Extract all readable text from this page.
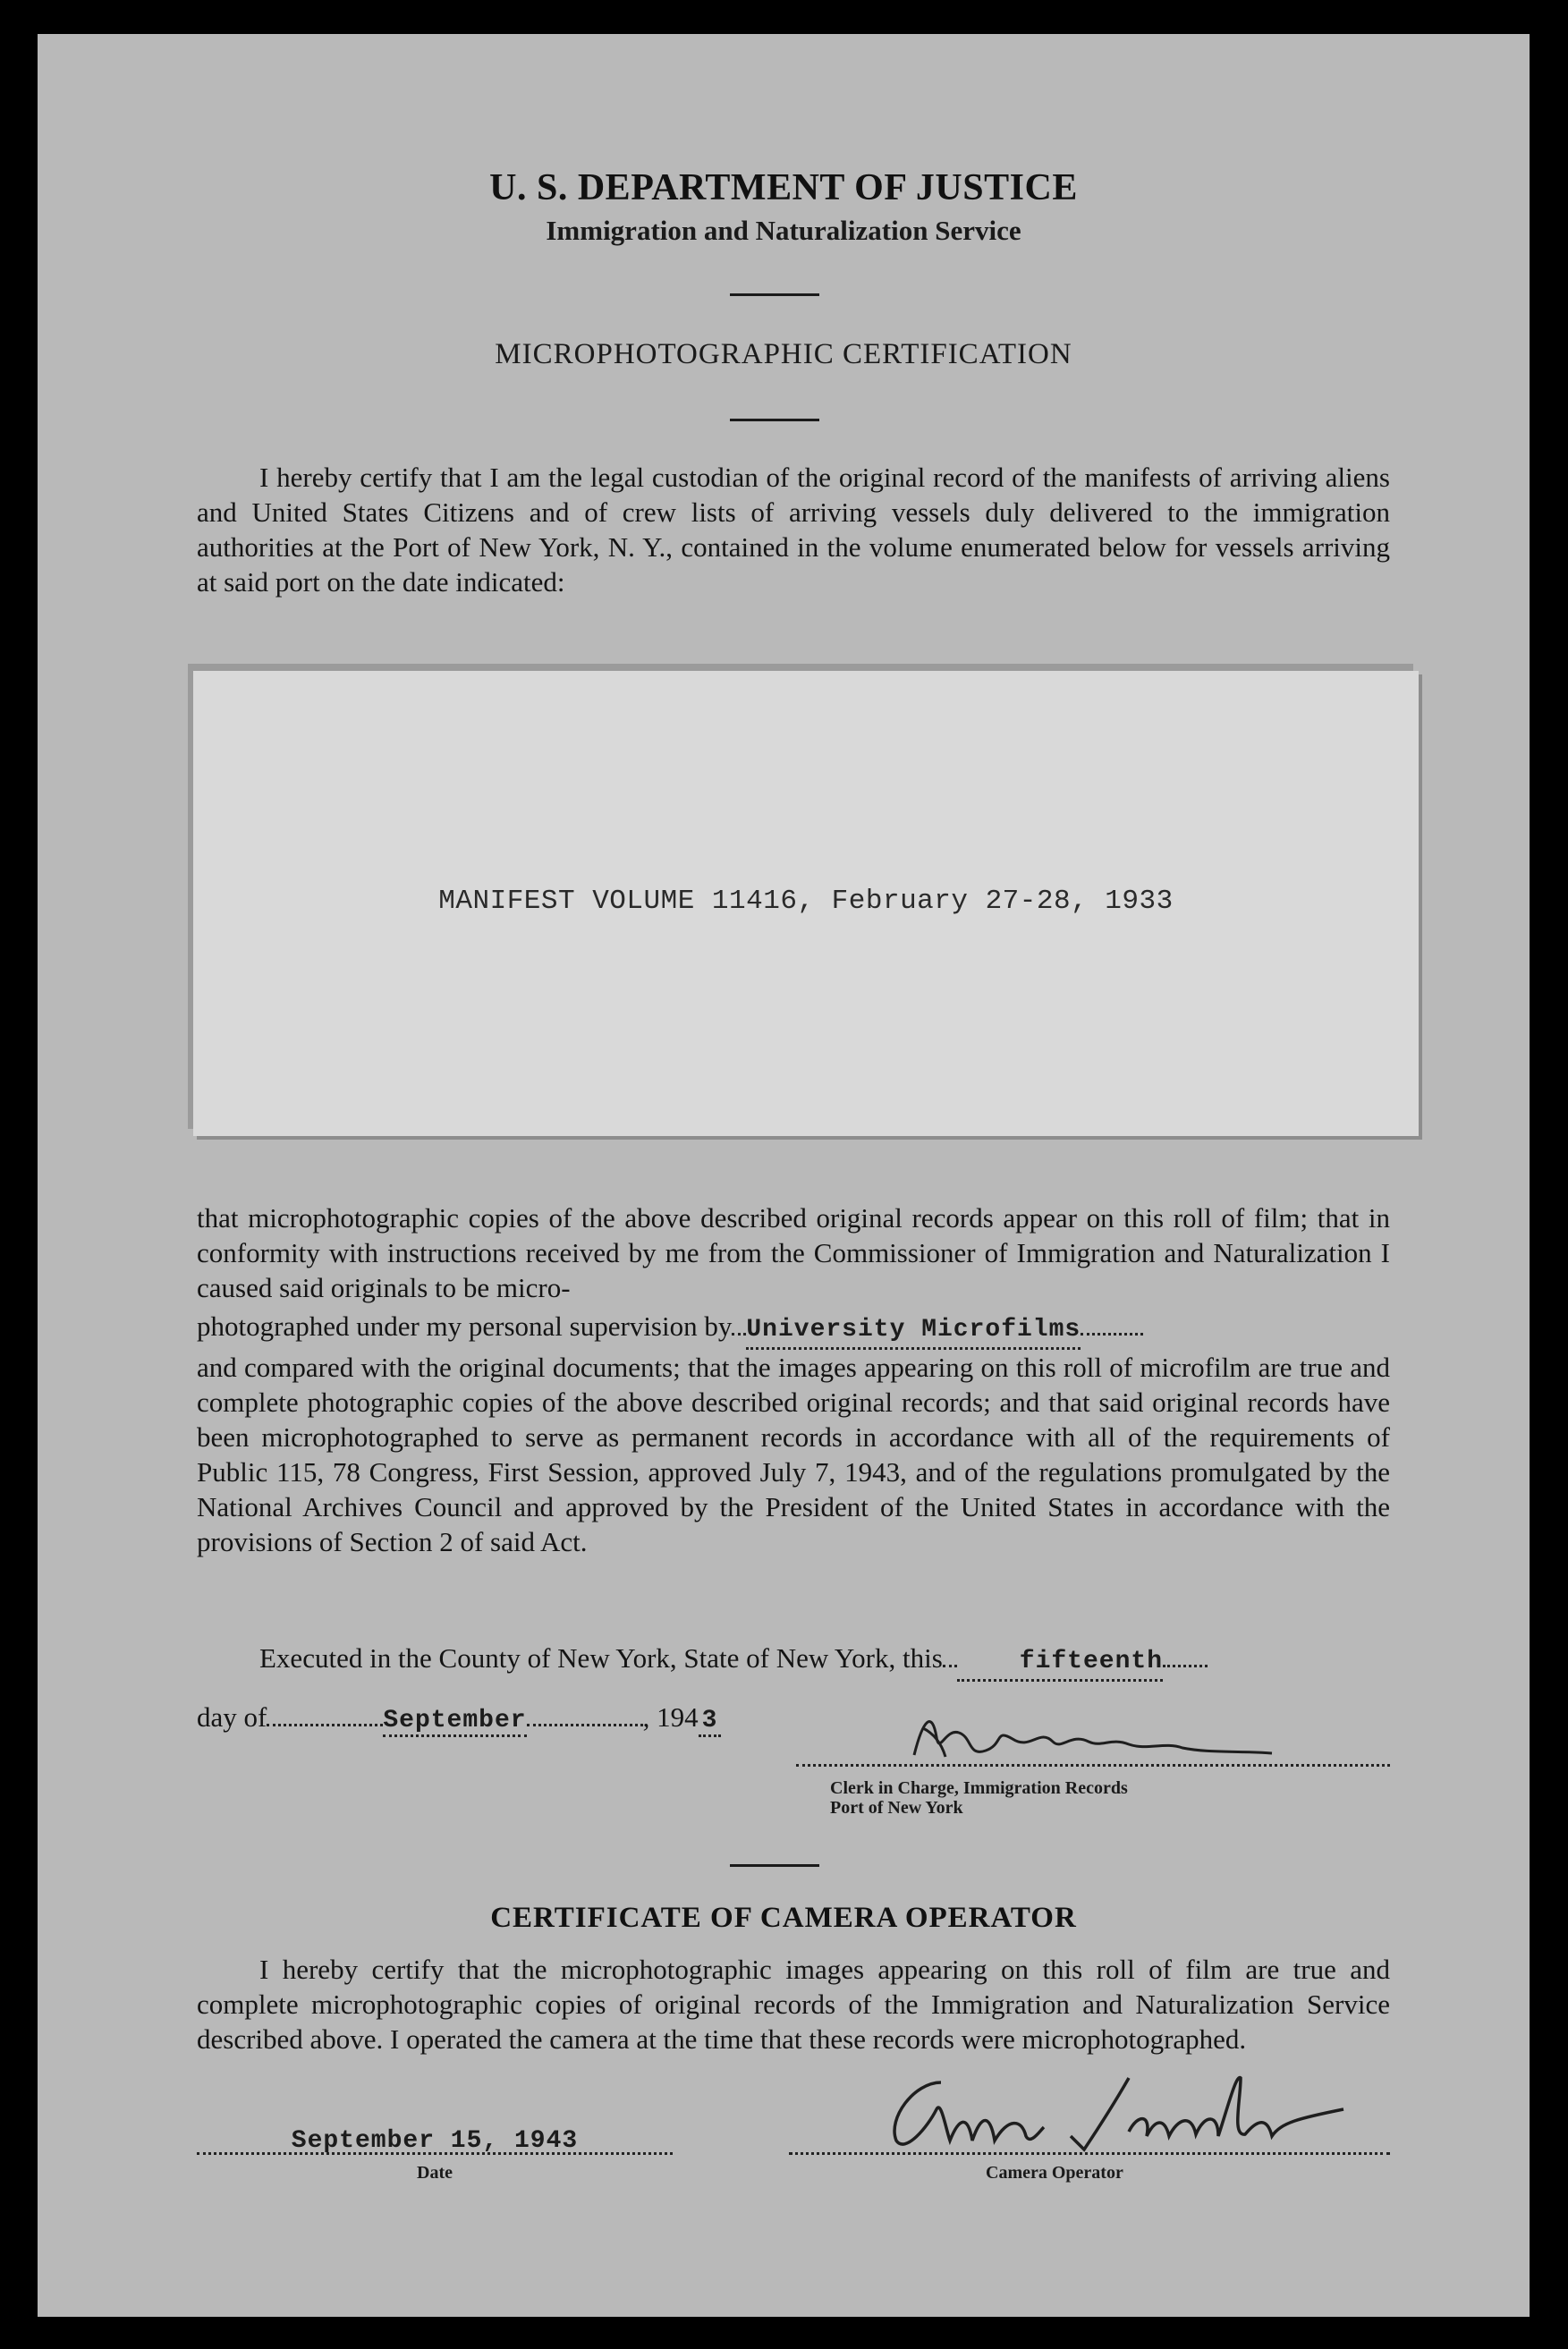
U. S. DEPARTMENT OF JUSTICE
Immigration and Naturalization Service
MICROPHOTOGRAPHIC CERTIFICATION

I hereby certify that I am the legal custodian of the original record of the manifests of arriving aliens and United States Citizens and of crew lists of arriving vessels duly delivered to the immigration authorities at the Port of New York, N. Y., contained in the volume enumerated below for vessels arriving at said port on the date indicated:

MANIFEST VOLUME 11416, February 27-28, 1933

that microphotographic copies of the above described original records appear on this roll of film; that in conformity with instructions received by me from the Commissioner of Immigration and Naturalization I caused said originals to be micro-

photographed under my personal supervision by University Microfilms

and compared with the original documents; that the images appearing on this roll of microfilm are true and complete photographic copies of the above described original records; and that said original records have been microphotographed to serve as permanent records in accordance with all of the requirements of Public 115, 78 Congress, First Session, approved July 7, 1943, and of the regulations promulgated by the National Archives Council and approved by the President of the United States in accordance with the provisions of Section 2 of said Act.

Executed in the County of New York, State of New York, this	fifteenth

day of	September	, 194 3
Clerk in Charge, Immigration Records
Port of New York
CERTIFICATE OF CAMERA OPERATOR

I hereby certify that the microphotographic images appearing on this roll of film are true and complete microphotographic copies of original records of the Immigration and Naturalization Service described above. I operated the camera at the time that these records were microphotographed.

September 15, 1943
Date	Camera Operator
